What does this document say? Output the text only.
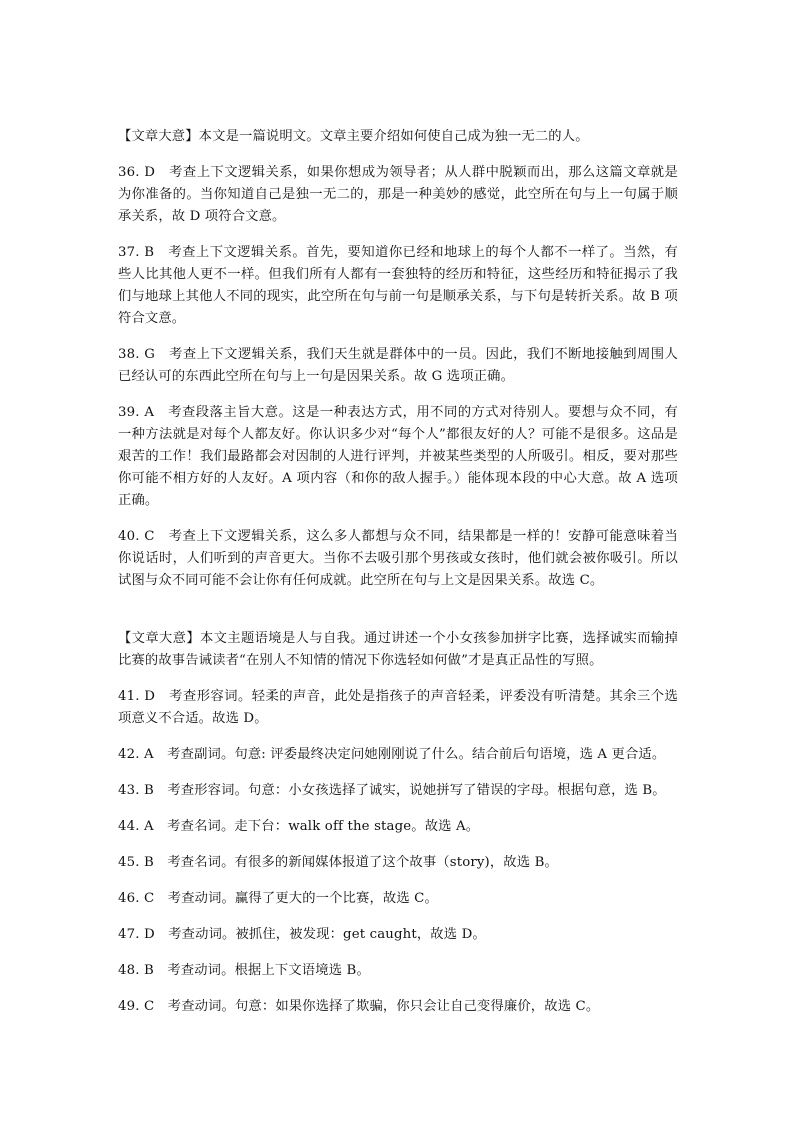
【文章大意】本文是一篇说明文。文章主要介绍如何使自己成为独一无二的人。

36. D　考查上下文逻辑关系，如果你想成为领导者；从人群中脱颖而出，那么这篇文章就是为你准备的。当你知道自己是独一无二的，那是一种美妙的感觉，此空所在句与上一句属于顺承关系，故 D 项符合文意。

37. B　考查上下文逻辑关系。首先，要知道你已经和地球上的每个人都不一样了。当然，有些人比其他人更不一样。但我们所有人都有一套独特的经历和特征，这些经历和特征揭示了我们与地球上其他人不同的现实，此空所在句与前一句是顺承关系，与下句是转折关系。故 B 项符合文意。

38. G　考查上下文逻辑关系，我们天生就是群体中的一员。因此，我们不断地接触到周围人已经认可的东西此空所在句与上一句是因果关系。故 G 选项正确。

39. A　考查段落主旨大意。这是一种表达方式，用不同的方式对待别人。要想与众不同，有一种方法就是对每个人都友好。你认识多少对“每个人”都很友好的人？可能不是很多。这品是艰苦的工作！我们最路都会对因制的人进行评判，并被某些类型的人所吸引。相反，要对那些你可能不相方好的人友好。A 项内容（和你的敌人握手。）能体现本段的中心大意。故 A 选项正确。

40. C　考查上下文逻辑关系，这么多人都想与众不同，结果都是一样的！安静可能意味着当你说话时，人们听到的声音更大。当你不去吸引那个男孩或女孩时，他们就会被你吸引。所以试图与众不同可能不会让你有任何成就。此空所在句与上文是因果关系。故选 C。

【文章大意】本文主题语境是人与自我。通过讲述一个小女孩参加拼字比赛，选择诚实而输掉比赛的故事告诫读者“在别人不知情的情况下你选轻如何做”才是真正品性的写照。

41. D　考查形容词。轻柔的声音，此处是指孩子的声音轻柔，评委没有听清楚。其余三个选项意义不合适。故选 D。

42. A　考查副词。句意: 评委最终决定问她刚刚说了什么。结合前后句语境，选 A 更合适。

43. B　考查形容词。句意：小女孩选择了诚实，说她拼写了错误的字母。根据句意，选 B。

44. A　考查名词。走下台：walk off the stage。故选 A。

45. B　考查名词。有很多的新闻媒体报道了这个故事（story)，故选 B。

46. C　考查动词。赢得了更大的一个比赛，故选 C。

47. D　考查动词。被抓住，被发现：get caught，故选 D。

48. B　考查动词。根据上下文语境选 B。

49. C　考查动词。句意：如果你选择了欺骗，你只会让自己变得廉价，故选 C。
